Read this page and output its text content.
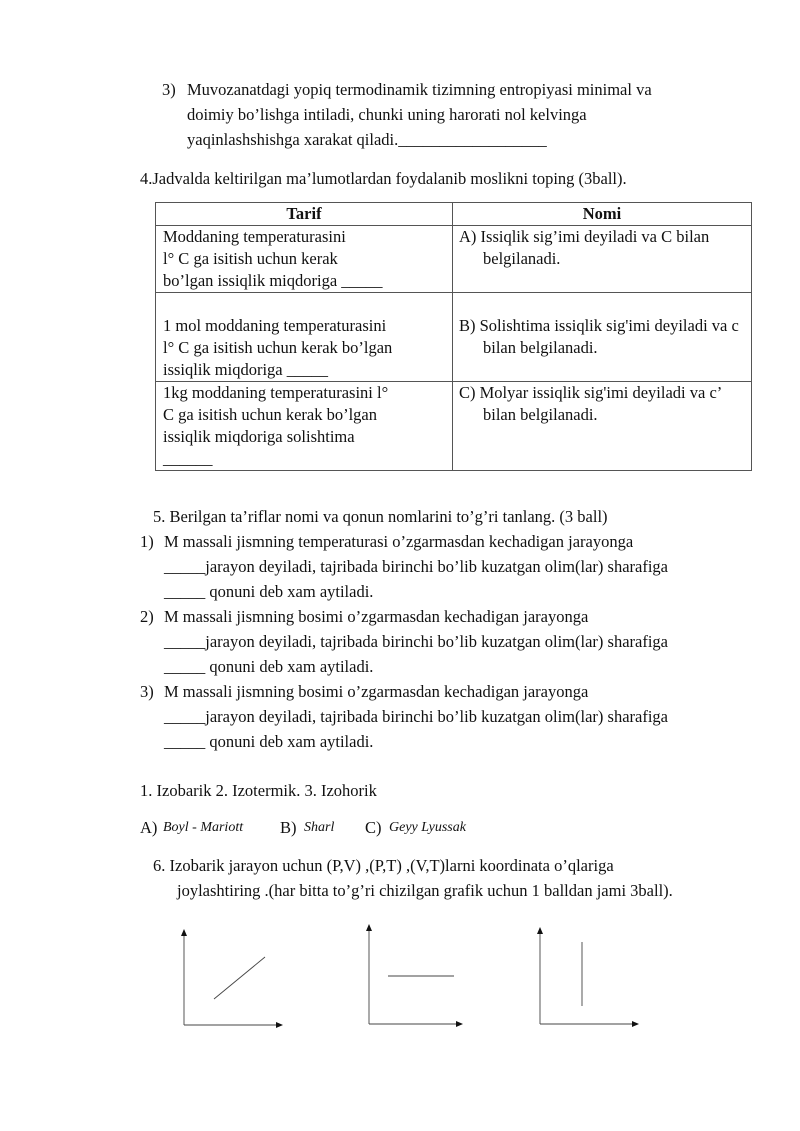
3) Muvozanatdagi yopiq termodinamik tizimning entropiyasi minimal va
doimiy bo’lishga intiladi, chunki uning harorati nol kelvinga
yaqinlashshishga xarakat qiladi.__________________
4.Jadvalda keltirilgan ma’lumotlardan foydalanib moslikni toping (3ball).
Tarif	Nomi

Moddaning temperaturasini
l° C ga isitish uchun kerak
bo’lgan issiqlik miqdoriga _____	A) Issiqlik sig’imi deyiladi va C bilan belgilanadi.

1 mol moddaning temperaturasini
l° C ga isitish uchun kerak bo’lgan
issiqlik miqdoriga _____	B) Solishtima issiqlik sig'imi deyiladi va c bilan belgilanadi.

1kg moddaning temperaturasini l°
C ga isitish uchun kerak bo’lgan
issiqlik miqdoriga solishtima
______	C) Molyar issiqlik sig'imi deyiladi va c’ bilan belgilanadi.
5. Berilgan ta’riflar nomi va qonun nomlarini to’g’ri tanlang. (3 ball)
1) M massali jismning temperaturasi o’zgarmasdan kechadigan jarayonga
_____jarayon deyiladi, tajribada birinchi bo’lib kuzatgan olim(lar) sharafiga
_____ qonuni deb xam aytiladi.
2) M massali jismning bosimi o’zgarmasdan kechadigan jarayonga
_____jarayon deyiladi, tajribada birinchi bo’lib kuzatgan olim(lar) sharafiga
_____ qonuni deb xam aytiladi.
3) M massali jismning bosimi o’zgarmasdan kechadigan jarayonga
_____jarayon deyiladi, tajribada birinchi bo’lib kuzatgan olim(lar) sharafiga
_____ qonuni deb xam aytiladi.
1. Izobarik 2. Izotermik. 3. Izohorik
A) Boyl - Mariott B) Sharl C) Geyy Lyussak
6. Izobarik jarayon uchun (P,V) ,(P,T) ,(V,T)larni koordinata o’qlariga
joylashtiring .(har bitta to’g’ri chizilgan grafik uchun 1 balldan jami 3ball).
